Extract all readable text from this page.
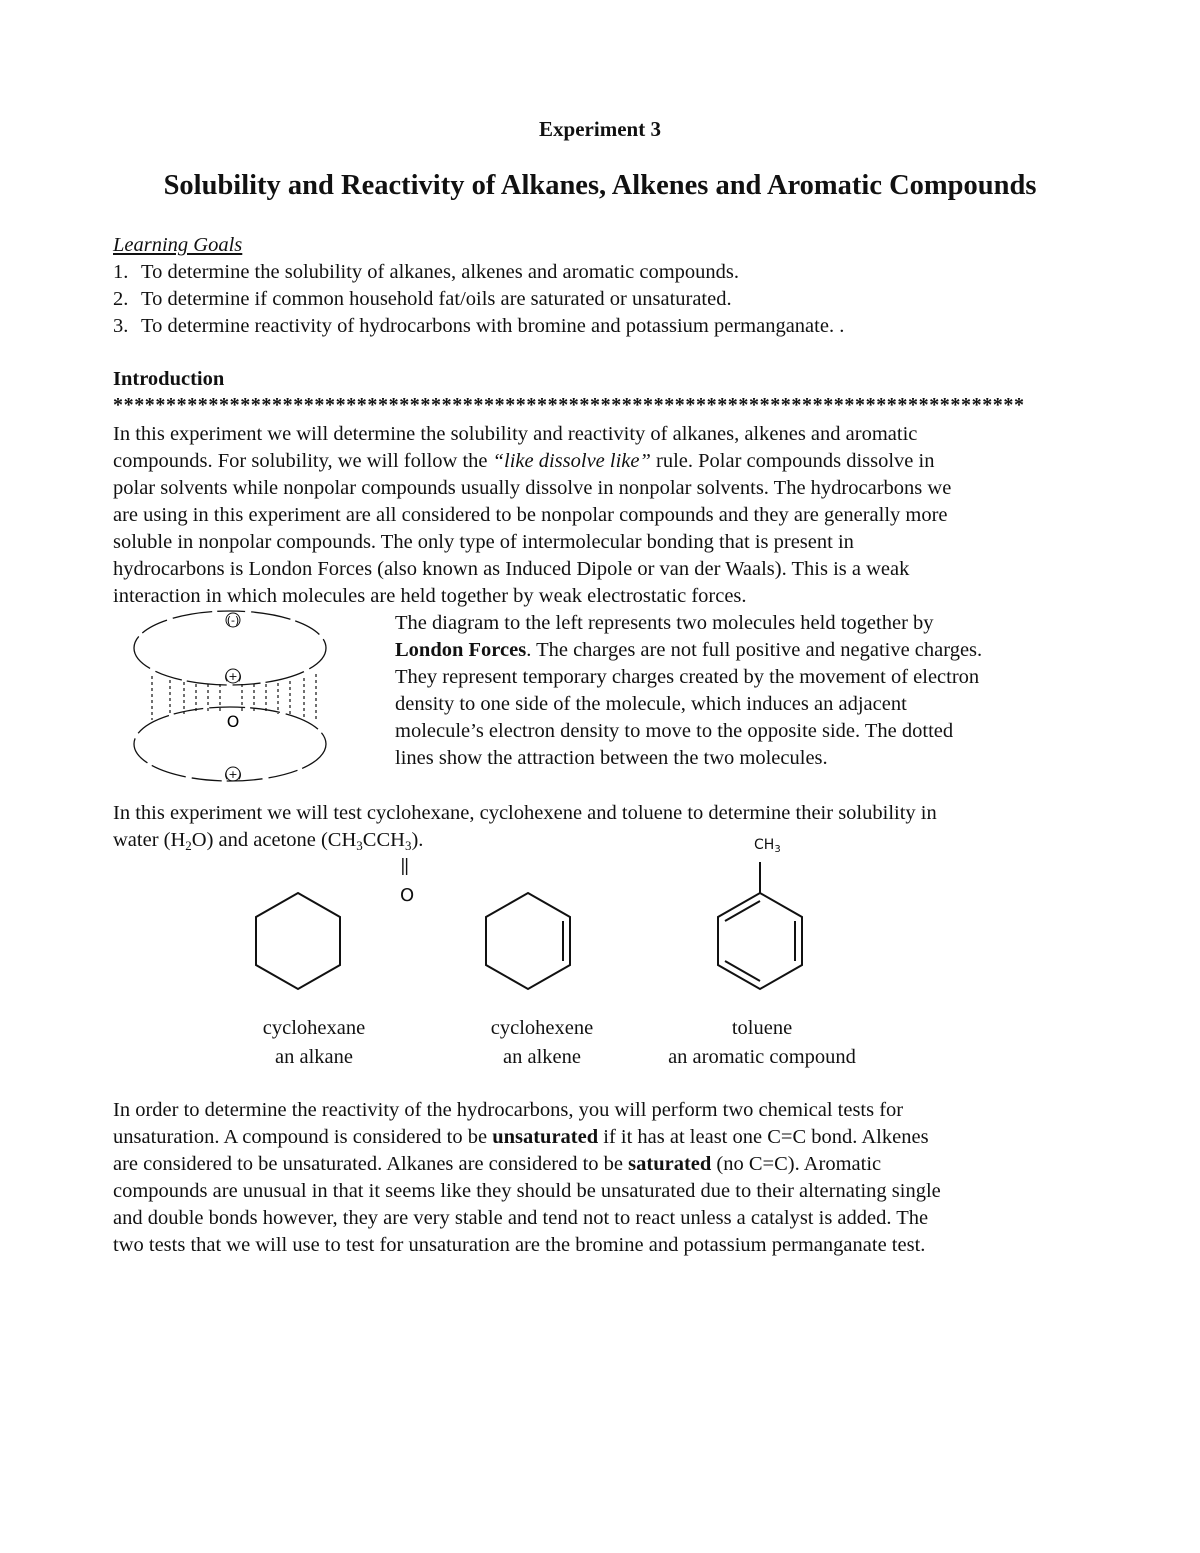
Experiment 3
Solubility and Reactivity of Alkanes, Alkenes and Aromatic Compounds
Learning Goals
1. To determine the solubility of alkanes, alkenes and aromatic compounds.
2. To determine if common household fat/oils are saturated or unsaturated.
3. To determine reactivity of hydrocarbons with bromine and potassium permanganate. .
Introduction
**************************************************************************************

In this experiment we will determine the solubility and reactivity of alkanes, alkenes and aromatic

compounds. For solubility, we will follow the “like dissolve like” rule. Polar compounds dissolve in

polar solvents while nonpolar compounds usually dissolve in nonpolar solvents. The hydrocarbons we

are using in this experiment are all considered to be nonpolar compounds and they are generally more

soluble in nonpolar compounds. The only type of intermolecular bonding that is present in

hydrocarbons is London Forces (also known as Induced Dipole or van der Waals). This is a weak

interaction in which molecules are held together by weak electrostatic forces.

(-)
(+)
O
(+)

The diagram to the left represents two molecules held together by

London Forces. The charges are not full positive and negative charges.

They represent temporary charges created by the movement of electron

density to one side of the molecule, which induces an adjacent

molecule’s electron density to move to the opposite side. The dotted

lines show the attraction between the two molecules.

In this experiment we will test cyclohexane, cyclohexene and toluene to determine their solubility in

water $(H_2O)$ and acetone $(CH_3CCH_3)$.

||
O
$CH_3$
cyclohexane
an alkane
cyclohexene
an alkene
toluene
an aromatic compound

In order to determine the reactivity of the hydrocarbons, you will perform two chemical tests for

unsaturation. A compound is considered to be unsaturated if it has at least one C=C bond. Alkenes

are considered to be unsaturated. Alkanes are considered to be saturated (no C=C). Aromatic

compounds are unusual in that it seems like they should be unsaturated due to their alternating single

and double bonds however, they are very stable and tend not to react unless a catalyst is added. The

two tests that we will use to test for unsaturation are the bromine and potassium permanganate test.
